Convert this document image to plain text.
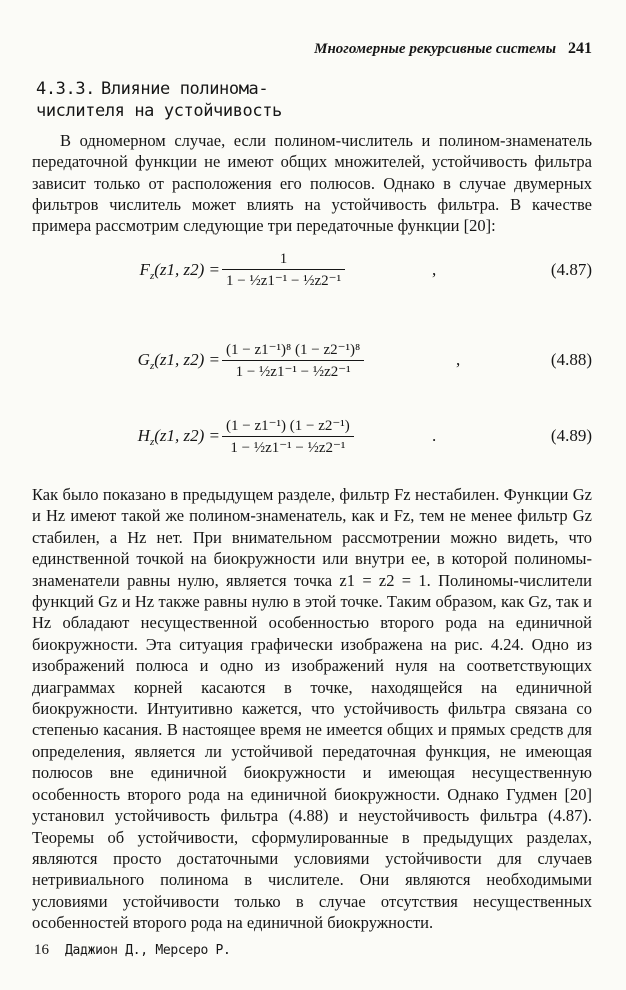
Многомерные рекурсивные системы 241
4.3.3. Влияние полинома-числителя на устойчивость
В одномерном случае, если полином-числитель и полином-знаменатель передаточной функции не имеют общих множителей, устойчивость фильтра зависит только от расположения его полюсов. Однако в случае двумерных фильтров числитель может влиять на устойчивость фильтра. В качестве примера рассмотрим следующие три передаточные функции [20]:
$F_z(z1$, $z2) = \frac{1}{\text{1 − ½z1⁻¹ − ½z2⁻¹}}$	,	(4.87)
$G_z(z1$, $z2) = \frac{\text{(1 − z1⁻¹)⁸ (1 − z2⁻¹)⁸}}{\text{1 − ½z1⁻¹ − ½z2⁻¹}}$	,	(4.88)
$H_z(z1$, $z2) = \frac{\text{(1 − z1⁻¹) (1 − z2⁻¹)}}{\text{1 − ½z1⁻¹ − ½z2⁻¹}}$	.	(4.89)
Как было показано в предыдущем разделе, фильтр Fz нестабилен. Функции Gz и Hz имеют такой же полином-знаменатель, как и Fz, тем не менее фильтр Gz стабилен, а Hz нет. При внимательном рассмотрении можно видеть, что единственной точкой на биокружности или внутри ее, в которой полиномы-знаменатели равны нулю, является точка z1 = z2 = 1. Полиномы-числители функций Gz и Hz также равны нулю в этой точке. Таким образом, как Gz, так и Hz обладают несущественной особенностью второго рода на единичной биокружности. Эта ситуация графически изображена на рис. 4.24. Одно из изображений полюса и одно из изображений нуля на соответствующих диаграммах корней касаются в точке, находящейся на единичной биокружности. Интуитивно кажется, что устойчивость фильтра связана со степенью касания. В настоящее время не имеется общих и прямых средств для определения, является ли устойчивой передаточная функция, не имеющая полюсов вне единичной биокружности и имеющая несущественную особенность второго рода на единичной биокружности. Однако Гудмен [20] установил устойчивость фильтра (4.88) и неустойчивость фильтра (4.87). Теоремы об устойчивости, сформулированные в предыдущих разделах, являются просто достаточными условиями устойчивости для случаев нетривиального полинома в числителе. Они являются необходимыми условиями устойчивости только в случае отсутствия несущественных особенностей второго рода на единичной биокружности.
16 Даджион Д., Мерсеро Р.
